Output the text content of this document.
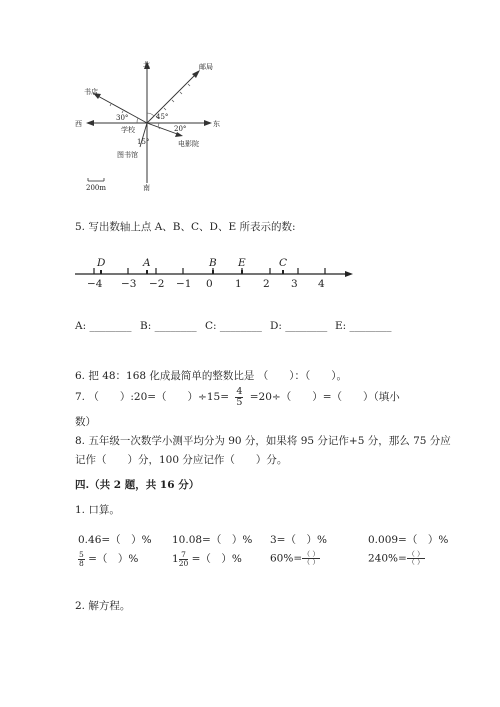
北
南
东
西
邮局
书店
学校
图书馆
电影院
45°
30°
20°
15°
200m
5. 写出数轴上点 A、B、C、D、E 所表示的数:
−4 −3 −2 −1 0 1 2 3 4
D	A	B E	C
A: ________ B: ________ C: ________ D: ________ E: ________
6. 把 48：168 化成最简单的整数比是 （　　）：（　　）。
7. （　　）:20=（　　）$\div 15= \frac{4}{5} =20\div$（　　）=（　　）（填小
数）
8. 五年级一次数学小测平均分为 90 分，如果将 95 分记作+5 分，那么 75 分应
记作（　　）分，100 分应记作（　　）分。
四.（共 2 题，共 16 分）
1. 口算。
0.46=（　）% 10.08=（　）% 3=（　）%	0.009=（　）%
$\frac{5}{8}$ =（　）%	$1 \frac{7}{20}$ =（　）%	$60\%= \frac{( )}{( )}$	$240\%= \frac{( )}{( )}$
2. 解方程。
